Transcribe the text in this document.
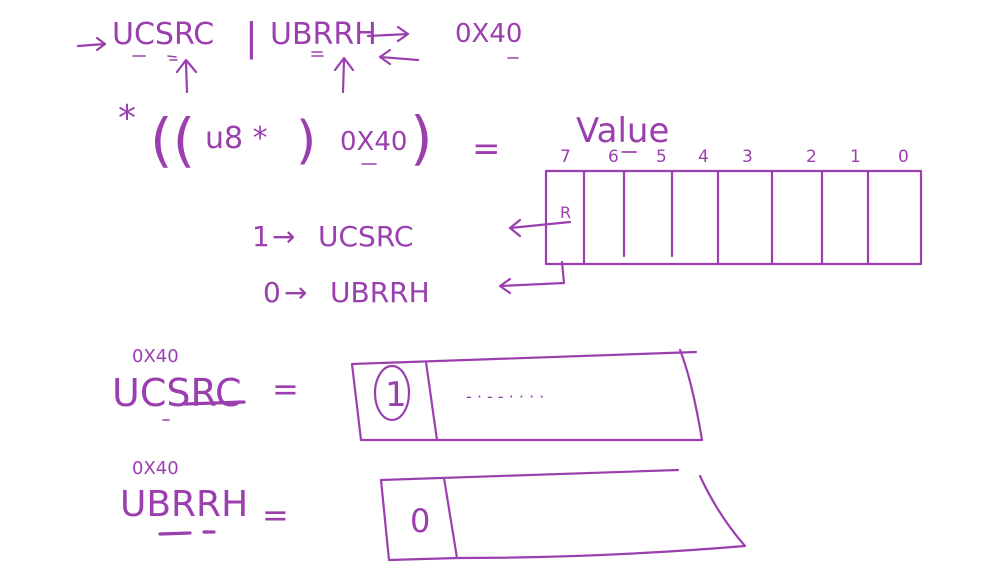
UCSRC | UBRRH	0X40
* (( u8 * ) 0X40 ) = Value
7 6 5 4 3	2 1 0
R
1 → UCSRC
0 → UBRRH
0X40
UCSRC =	1	- · - - · · · ·
0X40
UBRRH =	0
